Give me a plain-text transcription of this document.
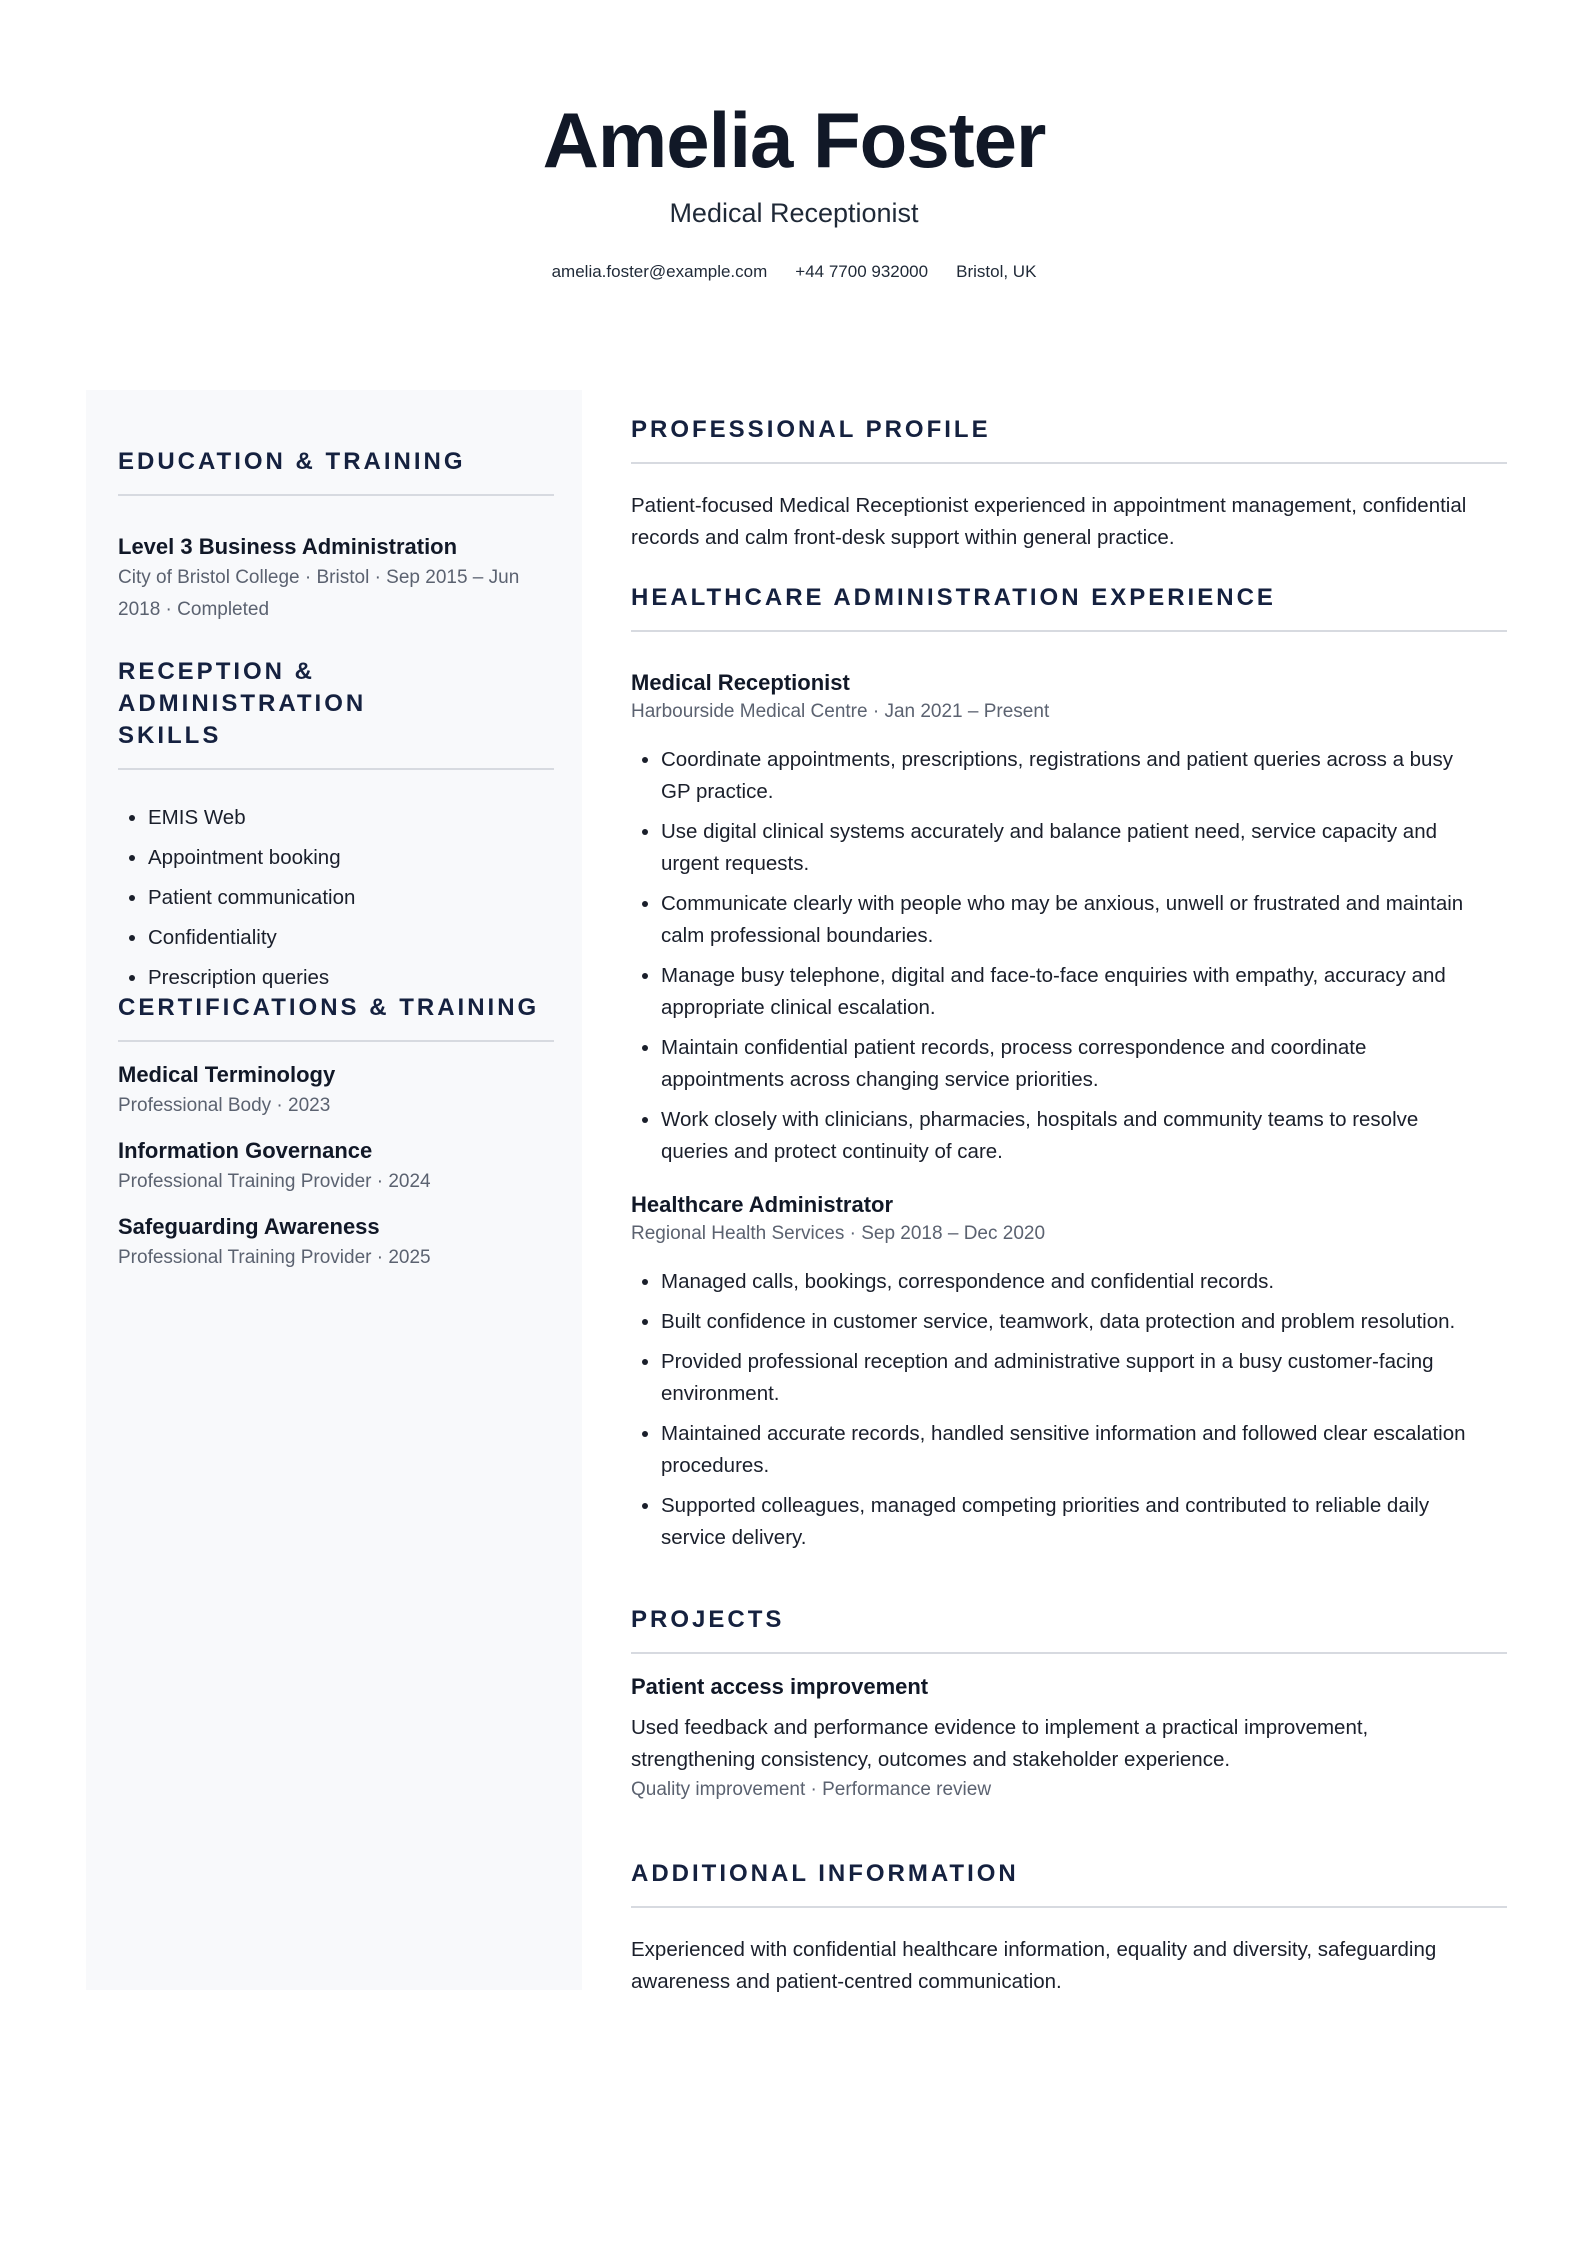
Amelia Foster
Medical Receptionist
amelia.foster@example.com +44 7700 932000 Bristol, UK
EDUCATION & TRAINING
Level 3 Business Administration
City of Bristol College · Bristol · Sep 2015 – Jun
2018 · Completed
RECEPTION & ADMINISTRATION
SKILLS
• EMIS Web
• Appointment booking
• Patient communication
• Confidentiality
• Prescription queries
CERTIFICATIONS & TRAINING
Medical Terminology
Professional Body · 2023
Information Governance
Professional Training Provider · 2024
Safeguarding Awareness
Professional Training Provider · 2025
PROFESSIONAL PROFILE
Patient-focused Medical Receptionist experienced in appointment management, confidential
records and calm front-desk support within general practice.
HEALTHCARE ADMINISTRATION EXPERIENCE
Medical Receptionist
Harbourside Medical Centre · Jan 2021 – Present
• Coordinate appointments, prescriptions, registrations and patient queries across a busy
GP practice.
• Use digital clinical systems accurately and balance patient need, service capacity and
urgent requests.
• Communicate clearly with people who may be anxious, unwell or frustrated and maintain
calm professional boundaries.
• Manage busy telephone, digital and face-to-face enquiries with empathy, accuracy and
appropriate clinical escalation.
• Maintain confidential patient records, process correspondence and coordinate
appointments across changing service priorities.
• Work closely with clinicians, pharmacies, hospitals and community teams to resolve
queries and protect continuity of care.
Healthcare Administrator
Regional Health Services · Sep 2018 – Dec 2020
• Managed calls, bookings, correspondence and confidential records.
• Built confidence in customer service, teamwork, data protection and problem resolution.
• Provided professional reception and administrative support in a busy customer-facing
environment.
• Maintained accurate records, handled sensitive information and followed clear escalation
procedures.
• Supported colleagues, managed competing priorities and contributed to reliable daily
service delivery.
PROJECTS
Patient access improvement
Used feedback and performance evidence to implement a practical improvement,
strengthening consistency, outcomes and stakeholder experience.
Quality improvement · Performance review
ADDITIONAL INFORMATION
Experienced with confidential healthcare information, equality and diversity, safeguarding
awareness and patient-centred communication.
